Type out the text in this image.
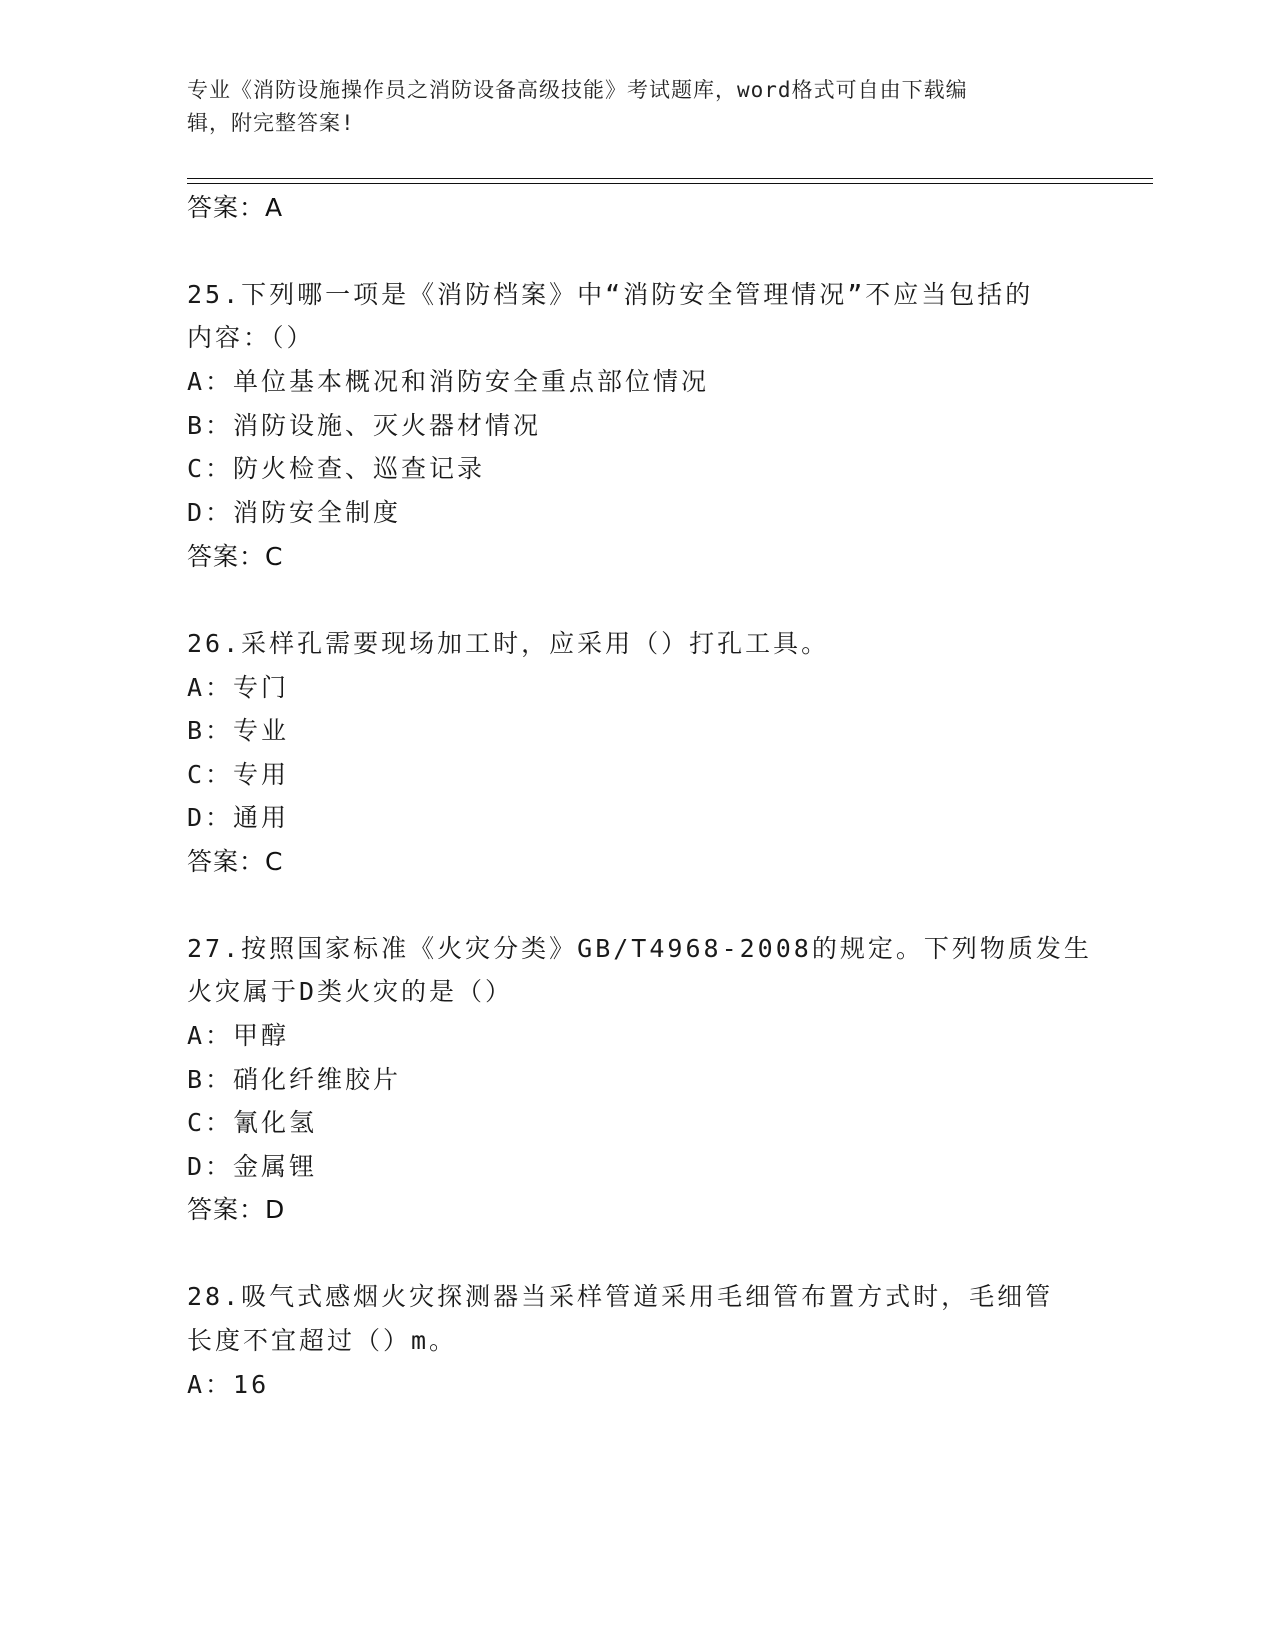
专业《消防设施操作员之消防设备高级技能》考试题库，word格式可自由下载编
辑，附完整答案!
答案：A
25.下列哪一项是《消防档案》中“消防安全管理情况”不应当包括的
内容：（）
A：单位基本概况和消防安全重点部位情况
B：消防设施、灭火器材情况
C：防火检查、巡查记录
D：消防安全制度
答案：C
26.采样孔需要现场加工时，应采用（）打孔工具。
A：专门
B：专业
C：专用
D：通用
答案：C
27.按照国家标准《火灾分类》GB/T4968-2008的规定。下列物质发生
火灾属于D类火灾的是（）
A：甲醇
B：硝化纤维胶片
C：氰化氢
D：金属锂
答案：D
28.吸气式感烟火灾探测器当采样管道采用毛细管布置方式时，毛细管
长度不宜超过（）m。
A：16
